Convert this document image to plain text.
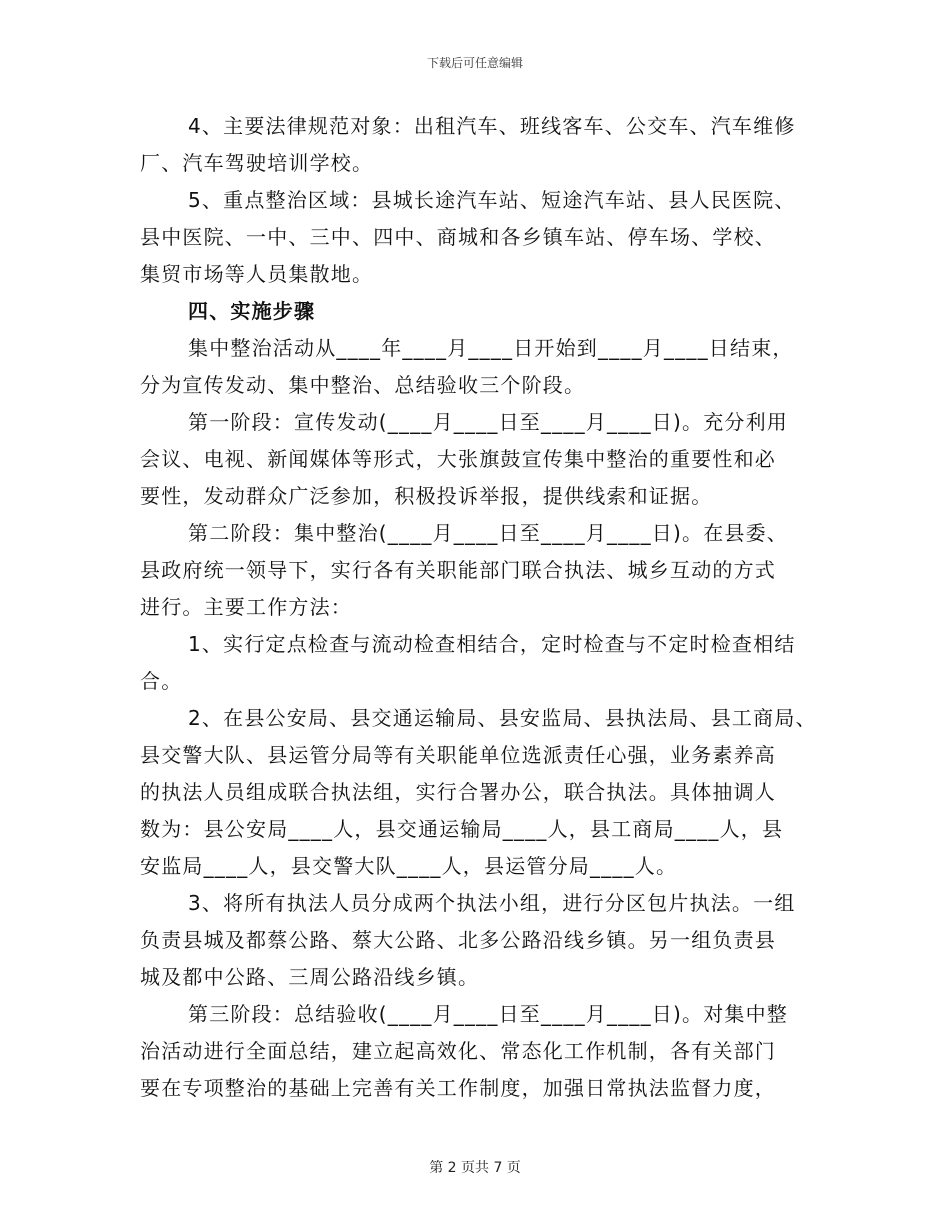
下载后可任意编辑
4、主要法律规范对象：出租汽车、班线客车、公交车、汽车维修
厂、汽车驾驶培训学校。
5、重点整治区域：县城长途汽车站、短途汽车站、县人民医院、
县中医院、一中、三中、四中、商城和各乡镇车站、停车场、学校、
集贸市场等人员集散地。
四、实施步骤
集中整治活动从____年____月____日开始到____月____日结束，
分为宣传发动、集中整治、总结验收三个阶段。
第一阶段：宣传发动(____月____日至____月____日)。充分利用
会议、电视、新闻媒体等形式，大张旗鼓宣传集中整治的重要性和必
要性，发动群众广泛参加，积极投诉举报，提供线索和证据。
第二阶段：集中整治(____月____日至____月____日)。在县委、
县政府统一领导下，实行各有关职能部门联合执法、城乡互动的方式
进行。主要工作方法：
1、实行定点检查与流动检查相结合，定时检查与不定时检查相结
合。
2、在县公安局、县交通运输局、县安监局、县执法局、县工商局、
县交警大队、县运管分局等有关职能单位选派责任心强，业务素养高
的执法人员组成联合执法组，实行合署办公，联合执法。具体抽调人
数为：县公安局____人，县交通运输局____人，县工商局____人，县
安监局____人，县交警大队____人，县运管分局____人。
3、将所有执法人员分成两个执法小组，进行分区包片执法。一组
负责县城及都蔡公路、蔡大公路、北多公路沿线乡镇。另一组负责县
城及都中公路、三周公路沿线乡镇。
第三阶段：总结验收(____月____日至____月____日)。对集中整
治活动进行全面总结，建立起高效化、常态化工作机制，各有关部门
要在专项整治的基础上完善有关工作制度，加强日常执法监督力度，
第 2 页共 7 页
